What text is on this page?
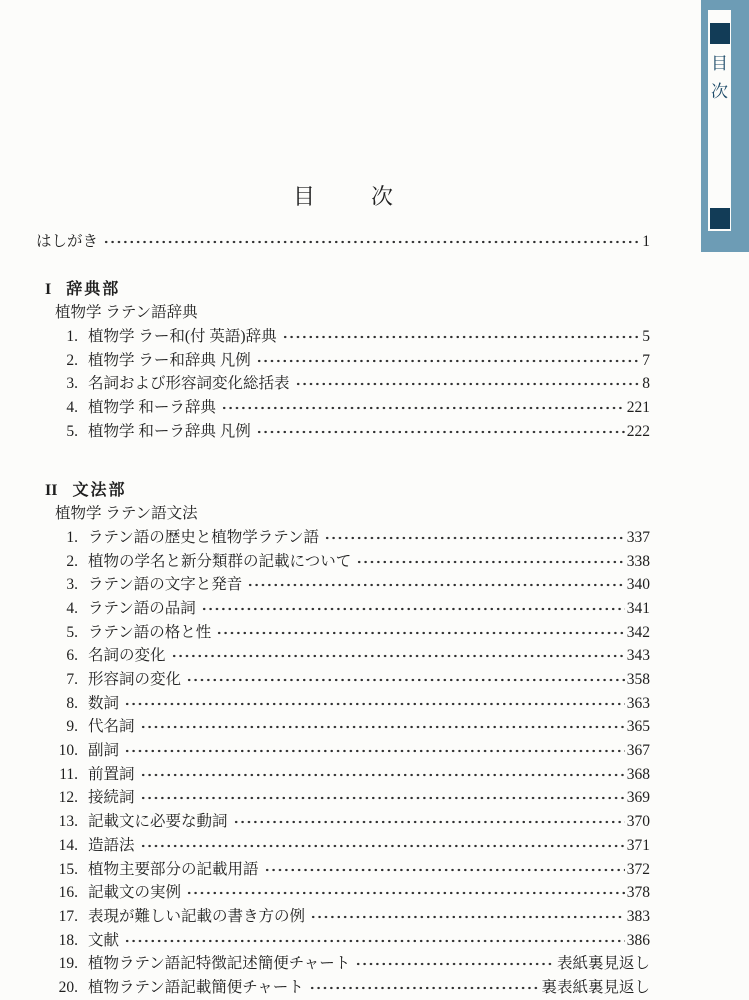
目
次
目次
はしがき	1
I 辞典部
植物学 ラテン語辞典
1. 植物学 ラー和(付 英語)辞典	5
2. 植物学 ラー和辞典 凡例	7
3. 名詞および形容詞変化総括表	8
4. 植物学 和ーラ辞典	221
5. 植物学 和ーラ辞典 凡例	222
II 文法部
植物学 ラテン語文法
1. ラテン語の歴史と植物学ラテン語	337
2. 植物の学名と新分類群の記載について	338
3. ラテン語の文字と発音	340
4. ラテン語の品詞	341
5. ラテン語の格と性	342
6. 名詞の変化	343
7. 形容詞の変化	358
8. 数詞	363
9. 代名詞	365
10. 副詞	367
11. 前置詞	368
12. 接続詞	369
13. 記載文に必要な動詞	370
14. 造語法	371
15. 植物主要部分の記載用語	372
16. 記載文の実例	378
17. 表現が難しい記載の書き方の例	383
18. 文献	386
19. 植物ラテン語記特徴記述簡便チャート	表紙裏見返し
20. 植物ラテン語記載簡便チャート	裏表紙裏見返し
